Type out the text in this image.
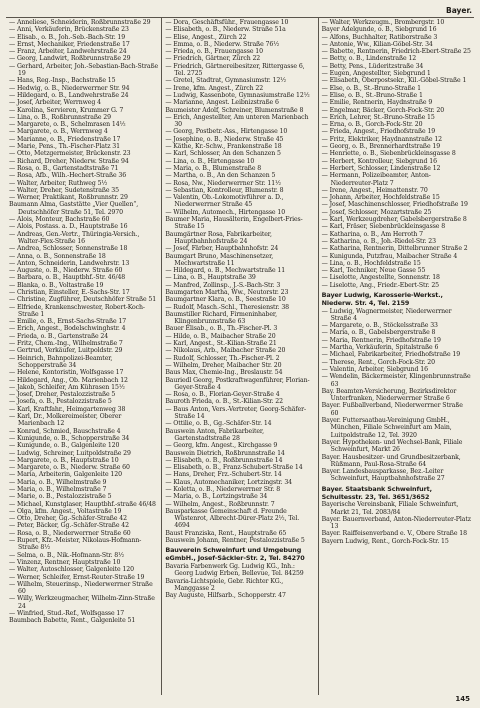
Bayer.
— Anneliese, Schneiderin, Roßbrunnstraße 29
— Anni, Verkäuferin, Brückenstraße 23
— Elisab., o. B., Joh.-Seb.-Bach-Str. 19
— Ernst, Mechaniker, Friedenstraße 17
— Franz, Arbeiter, Landwehrstraße 24
— Georg, Landwirt, Roßbrunnstraße 29
— Gerhard, Arbeiter, Joh.-Sebastian-Bach-Straße 19
— Hans, Reg.-Insp., Bachstraße 15
— Hedwig, o. B., Niederwerrner Str. 94
— Hildegard, o. B., Landwehrstraße 24
— Josef, Arbeiter, Werrnweg 4
— Karolina, Servieren, Krummer G. 7
— Lina, o. B., Roßbrunnstraße 29
— Margarete, o. B., Schelmrasen 14½
— Margarete, o. B., Werrnweg 4
— Marianne, o. B., Friedenstraße 17
— Marie, Pens., Th.-Fischer-Platz 31
— Otto, Metzgermeister, Brückenstr. 23
— Richard, Dreher, Niederw. Straße 94
— Rosa, o. B., Gartenstadtstraße 71
— Rosa, Afb., Wilh.-Hechert-Straße 36
— Walter, Arbeiter, Ruthweg 5½
— Walter, Dreher, Sudetenstraße 35
— Werner, Praktikant, Roßbrunnstr. 29
Baumann Alma, Gaststätte „Vier Quellen“, Deutschhöfer Straße 51, Tel. 2970
— Alois, Monteur, Bachstraße 60
— Alois, Postass. a. D., Hauptstraße 16
— Andreas, Gen.-Vertr., Thüringia-Versich., Walter-Flex-Straße 16
— Andrea, Schlosser, Sonnenstraße 18
— Anna, o. B., Sonnenstraße 18
— Anton, Schneiderin, Landwehrstr. 13
— Auguste, o. B., Niederw. Straße 60
— Barbara, o. B., Hauptbhf.-Str. 46/48
— Blanka, o. B., Voltastraße 19
— Christian, Einsteller, E.-Sachs-Str. 17
— Christine, Zugführer, Deutschhöfer Straße 51
— Elfriede, Krankenschwester, Robert-Koch-Straße 1
— Emilie, o. B., Ernst-Sachs-Straße 17
— Erich, Angest., Bodelschwinghstr. 4
— Frieda, o. B., Gartenstraße 24
— Fritz, Chem.-Ing., Wilhelmstraße 7
— Gertrud, Verkäufer, Luitpoldstr. 29
— Heinrich, Bahnpolizei-Beamter, Schopperstraße 34
— Helene, Kontoristin, Wolfsgasse 17
— Hildegard, Ang., Ob. Marienbach 12
— Jakob, Schleifer, Am Kührasen 15½
— Josef, Dreher, Pestalozzistraße 5
— Josefa, o. B., Pestalozzistraße 5
— Karl, Kraftfahr., Heimgartenweg 38
— Karl, Dr., Molkereimeister, Oberer Marienbach 12
— Konrad, Schmied, Bauschstraße 4
— Kunigunde, o. B., Schopperstraße 34
— Kunigunde, o. B., Galgenleite 120
— Ludwig, Schreiner, Luitpoldstraße 29
— Margarete, o. B., Hauptstraße 10
— Margarete, o. B., Niederw. Straße 60
— Maria, Arbeiterin, Galgenleite 120
— Maria, o. B., Wilhelmstraße 9
— Maria, o. B., Wilhelmstraße 7
— Marie, o. B., Pestalozzistraße 5
— Michael, Kunstglaser, Hauptbhf.-straße 46/48
— Olga, kfm. Angest., Voltastraße 19
— Otto, Dreher, Gg.-Schäfer-Straße 42
— Peter, Bäcker, Gg.-Schäfer-Straße 42
— Rosa, o. B., Niederwerrner Straße 60
— Rupert, Kfz.-Meister, Nikolaus-Hofmann-Straße 8½
— Selma, o. B., Nik.-Hofmann-Str. 8½
— Vinzenz, Rentner, Hauptstraße 10
— Walter, Autoschlosser, Galgenleite 120
— Werner, Schleifer, Ernst-Reuter-Straße 19
— Wilhelm, Steuerinsp., Niederwerrner Straße 60
— Willy, Werkzeugmacher, Wilhelm-Zinn-Straße 24
— Winfried, Stud.-Ref., Wolfsgasse 17
Baumbach Babette, Rent., Galgenleite 51
— Dora, Geschäftsführ., Frauengasse 10
— Elisabeth, o. B., Niederw. Straße 51a
— Elise, Angest., Zürch 22
— Emma, o. B., Niederw. Straße 76½
— Frieda, o. B., Frauengasse 10
— Friedrich, Gärtner, Zürch 22
— Friedrich, Gärtnereibesitzer, Rittergasse 6, Tel. 2725
— Gretel, Stadtrat, Gymnasiumstr. 12½
— Irene, kfm. Angest., Zürch 22
— Ludwig, Kassenbote, Gymnasiumstraße 12½
— Marianne, Angest. Leibnizstraße 6
Baumeister Adolf, Schreiner, Blumenstraße 8
— Erich, Angestellter, Am unteren Marienbach 30
— Georg, Postbetr.-Ass., Hirtengasse 10
— Josephine, o. B., Niederw. Straße 45
— Käthe, Kr.-Schw., Frankenstraße 18
— Karl, Schlosser, An den Schanzen 5
— Lina, o. B., Hirtengasse 10
— Maria, o. B., Blumenstraße 8
— Martha, o. B., An den Schanzen 5
— Rosa, Nw., Niederwerrner Str. 11½
— Sebastian, Kontrolleur, Blumenstr. 8
— Valentin, Ob.-Lokomotivführer a. D., Niederwerrner Straße 45
— Wilhelm, Automech., Hirtengasse 10
Baumer Maria, Hausälterin, Engelbert-Fries-Straße 15
Baumgärtner Rosa, Fabrikarbeiter, Hauptbahnhofstraße 24
— Josef, Färber, Hauptbahnhofstr. 24
Baumgart Bruno, Maschinensetzer, Mechwartstraße 11
— Hildegard, o. B., Mechwartstraße 11
— Lina, o. B., Hauptstraße 39
— Manfred, Zollinsp., J.-S.-Bach-Str. 3
Baumgarten Martha, Ww., Neutorstr. 23
Baumgartner Klara, o. B., Seestraße 10
— Rudolf, Masch.-Schl., Theresienstr. 38
Baumstiller Richard, Firmeninhaber, Klingenbrunnstraße 63
Bauer Elisab., o. B., Th.-Fischer-Pl. 3
— Hilde, o. B., Maibacher Straße 20
— Karl, Angest., St.-Kilian-Straße 21
— Nikolaus, Arb., Maibacher Straße 20
— Rudolf, Schlosser, Th.-Fischer-Pl. 2
— Wilhelm, Dreher, Maibacher Str. 20
Baus Max, Chemie-Ing., Breslaustr. 54
Bauriedl Georg, Postkraftwagenführer, Florian-Geyer-Straße 4
— Rosa, o. B., Florian-Geyer-Straße 4
Bauroth Frieda, o. B., St.-Kilian-Str. 22
— Baus Anton, Vers.-Vertreter, Georg-Schäfer-Straße 14
— Ottilie, o. B., Gg.-Schäfer-Str. 14
Bauswein Anton, Fabrikarbeiter, Gartenstadtstraße 28
— Georg, kfm. Angest., Kirchgasse 9
Bauswein Dietrich, Roßbrunnstraße 14
— Elisabeth, o. B., Roßbrunnstraße 14
— Elisabeth, o. B., Franz-Schubert-Straße 14
— Hans, Dreher, Frz.-Schubert-Str. 14
— Klaus, Automechaniker, Lortzingstr. 34
— Koletta, o. B., Niederwerrner Str. 8
— Maria, o. B., Lortzingstraße 34
— Wilhelm, Angest., Roßbrunnstr. 7
Bausparkasse Gemeinschaft d. Freunde Wüstenrot, Albrecht-Dürer-Platz 2½, Tel. 4694
Baust Franziska, Rent., Hauptstraße 65
Bauswein Johann, Rentner, Pestalozzistraße 5
Bauverein Schweinfurt und Umgebung eGmbH., Josef-Säckler-Str. 2, Tel. 84270
Bavaria Farbenwerk Gg. Ludwig KG., Inh.: Georg Ludwig Erben, Bellevue, Tel. 84259
Bavaria-Lichtspiele, Gebr. Richter KG., Manggasse 2
Bay Auguste, Hilfsarb., Schopperstr. 47
— Walter, Werkzeugm., Brombergstr. 10
Bayer Adelgunde, o. B., Siebgrund 16
— Alfons, Buchhalter, Ratiborstraße 3
— Antonie, Ww., Kilian-Göbel-Str. 34
— Babette, Rentnerin, Friedrich-Ebert-Straße 25
— Betty, o. B., Lindenstraße 12
— Betty, Pens., Lüderitzstraße 34
— Eugen, Angestellter, Siebgrund 1
— Elisabeth, Oberpostsekr., Kil.-Göbel-Straße 1
— Else, o. B., St.-Bruno-Straße 1
— Elise, o. B., St.-Bruno-Straße 1
— Emilie, Rentnerin, Haydnstraße 9
— Engelmar, Bäcker, Gorch-Fock-Str. 20
— Erich, Lehrer, St.-Bruno-Straße 15
— Erna, o. B., Gorch-Fock-Str. 20
— Frieda, Angest., Friedhofstraße 19
— Fritz, Elektriker, Haydnannstraße 12
— Georg, o. B., Brennerhardtstraße 19
— Henriette, o. B., Siebenbrückleinsgasse 8
— Herbert, Kontrolleur, Siebgrund 16
— Herbert, Schlosser, Lindenstraße 12
— Hermann, Polizeibeamter, Anton-Niederreuter-Platz 7
— Irene, Angest., Heimattenstr. 70
— Johann, Arbeiter, Hochfeldstraße 15
— Josef, Maschinenschlosser, Friedhofstraße 19
— Josef, Schlosser, Mozartstraße 25
— Karl, Werkzeugdreher, Gabelsbergerstraße 8
— Karl, Fräser, Siebenbrückleinsgasse 8
— Katharina, o. B., Am Herroth 7
— Katharina, o. B., Joh.-Riedel-Str. 23
— Katharina, Rentnerin, Dittelbrunner Straße 2
— Kunigunda, Putzfrau, Maibacher Straße 4
— Lina, o. B., Hochfeldstraße 15
— Karl, Techniker, Neue Gasse 55
— Liselotte, Angestellte, Sonnenstr. 18
— Liselotte, Ang., Friedr.-Ebert-Str. 25
Bayer Ludwig, Karosserie-Werkst., Niederw. Str. 4, Tel. 2159
— Ludwig, Wagnermeister, Niederwerrner Straße 4
— Margarete, o. B., Stöckelsstraße 33
— Maria, o. B., Gabelsbergerstraße 8
— Maria, Rentnerin, Friedhofstraße 19
— Martha, Verkäuferin, Spitalstraße 6
— Michael, Fabrikarbeiter, Friedhofstraße 19
— Therese, Rent., Gorch-Fock-Str. 20
— Valentin, Arbeiter, Siebgrund 16
— Wendelin, Bäckermeister, Klingenbrunnstraße 63
Bay. Beamten-Versicherung, Bezirksdirektor Unterfranken, Niederwerrner Straße 6
Bayer. Fußballverband, Niederwerrner Straße 60
Bayer. Futtersaatbau-Vereinigung GmbH., München, Filiale Schweinfurt am Main, Luitpoldstraße 12, Tel. 3920
Bayer. Hypotheken- und Wechsel-Bank, Filiale Schweinfurt, Markt 26
Bayer. Hausbesitzer- und Grundbesitzerbank, Rüßmann, Paul-Rosa-Straße 64
Bayer. Landesbausparkasse, Bez.-Leiter Schweinfurt, Hauptbahnhofstraße 27
Bayer. Staatsbank Schweinfurt, Schultesstr. 23, Tel. 3651/3652
Bayerische Vereinsbank, Filiale Schweinfurt, Markt 21, Tel. 2083/84
Bayer. Bauernverband, Anton-Niederreuter-Platz 13
Bayer. Raiffeisenverband e. V., Obere Straße 18
Bayern Ludwig, Rent., Gorch-Fock-Str. 15
145
